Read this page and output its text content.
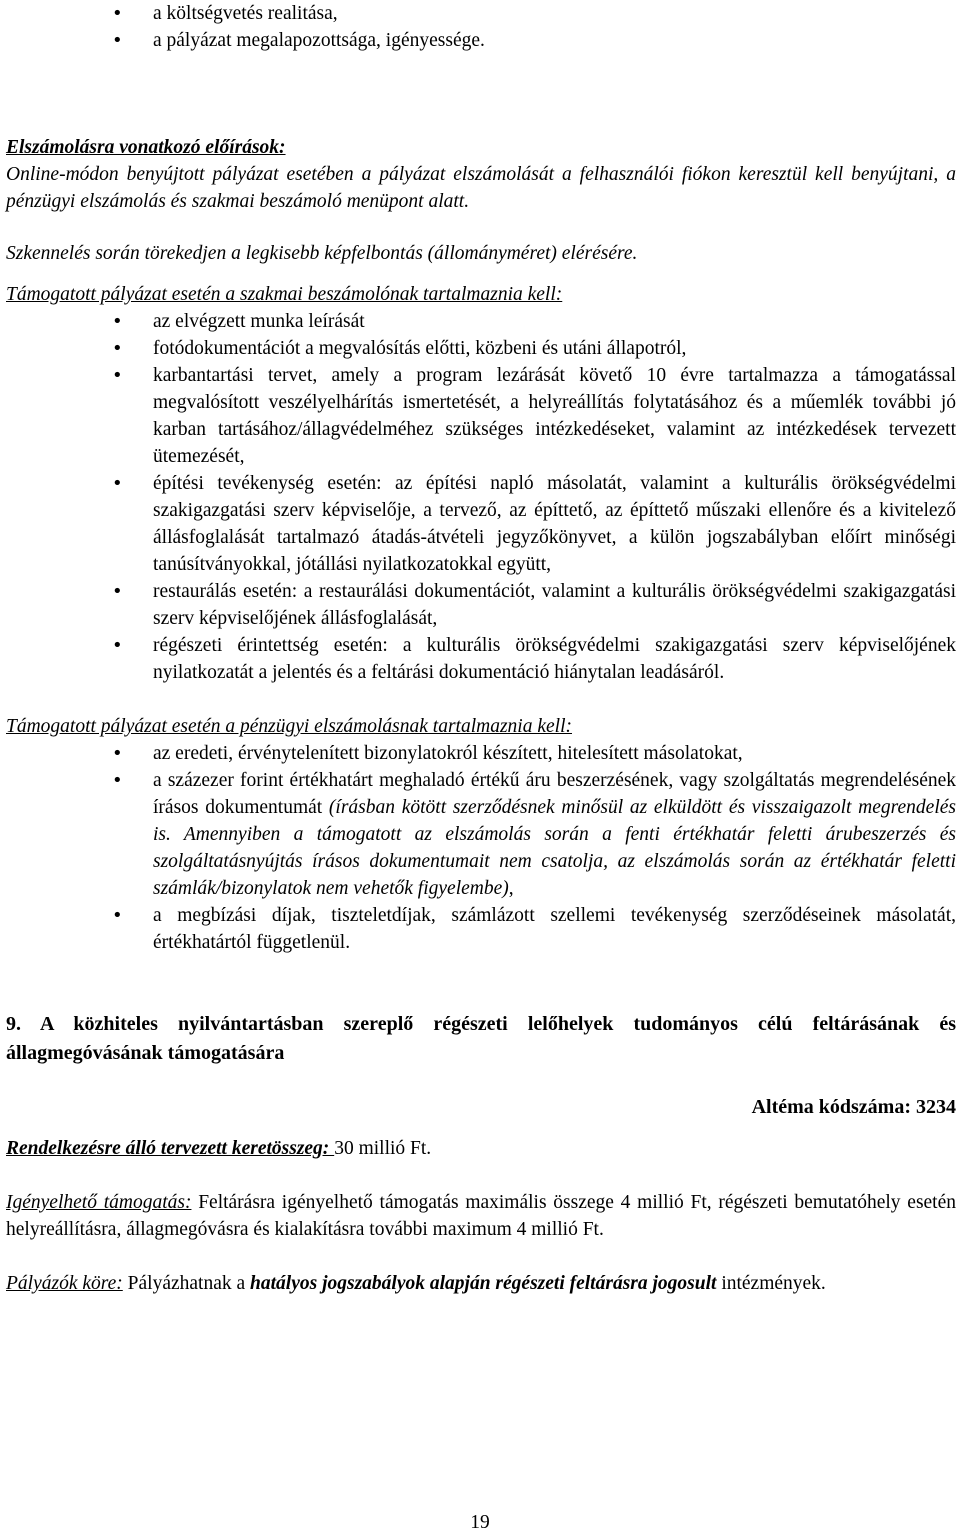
• a költségvetés realitása,
• a pályázat megalapozottsága, igényessége.

Elszámolásra vonatkozó előírások:

Online-módon benyújtott pályázat esetében a pályázat elszámolását a felhasználói fiókon keresztül kell benyújtani, a pénzügyi elszámolás és szakmai beszámoló menüpont alatt.

Szkennelés során törekedjen a legkisebb képfelbontás (állományméret) elérésére.

Támogatott pályázat esetén a szakmai beszámolónak tartalmaznia kell:

• az elvégzett munka leírását
• fotódokumentációt a megvalósítás előtti, közbeni és utáni állapotról,
• karbantartási tervet, amely a program lezárását követő 10 évre tartalmazza a támogatással megvalósított veszélyelhárítás ismertetését, a helyreállítás folytatásához és a műemlék további jó karban tartásához/állagvédelméhez szükséges intézkedéseket, valamint az intézkedések tervezett ütemezését,
• építési tevékenység esetén: az építési napló másolatát, valamint a kulturális örökségvédelmi szakigazgatási szerv képviselője, a tervező, az építtető, az építtető műszaki ellenőre és a kivitelező állásfoglalását tartalmazó átadás-átvételi jegyzőkönyvet, a külön jogszabályban előírt minőségi tanúsítványokkal, jótállási nyilatkozatokkal együtt,
• restaurálás esetén: a restaurálási dokumentációt, valamint a kulturális örökségvédelmi szakigazgatási szerv képviselőjének állásfoglalását,
• régészeti érintettség esetén: a kulturális örökségvédelmi szakigazgatási szerv képviselőjének nyilatkozatát a jelentés és a feltárási dokumentáció hiánytalan leadásáról.

Támogatott pályázat esetén a pénzügyi elszámolásnak tartalmaznia kell:

• az eredeti, érvénytelenített bizonylatokról készített, hitelesített másolatokat,
• a százezer forint értékhatárt meghaladó értékű áru beszerzésének, vagy szolgáltatás megrendelésének írásos dokumentumát (írásban kötött szerződésnek minősül az elküldött és visszaigazolt megrendelés is. Amennyiben a támogatott az elszámolás során a fenti értékhatár feletti árubeszerzés és szolgáltatásnyújtás írásos dokumentumait nem csatolja, az elszámolás során az értékhatár feletti számlák/bizonylatok nem vehetők figyelembe),
• a megbízási díjak, tiszteletdíjak, számlázott szellemi tevékenység szerződéseinek másolatát, értékhatártól függetlenül.

9. A közhiteles nyilvántartásban szereplő régészeti lelőhelyek tudományos célú feltárásának és állagmegóvásának támogatására

Altéma kódszáma: 3234

Rendelkezésre álló tervezett keretösszeg: 30 millió Ft.

Igényelhető támogatás: Feltárásra igényelhető támogatás maximális összege 4 millió Ft, régészeti bemutatóhely esetén helyreállításra, állagmegóvásra és kialakításra további maximum 4 millió Ft.

Pályázók köre: Pályázhatnak a hatályos jogszabályok alapján régészeti feltárásra jogosult intézmények.

19
